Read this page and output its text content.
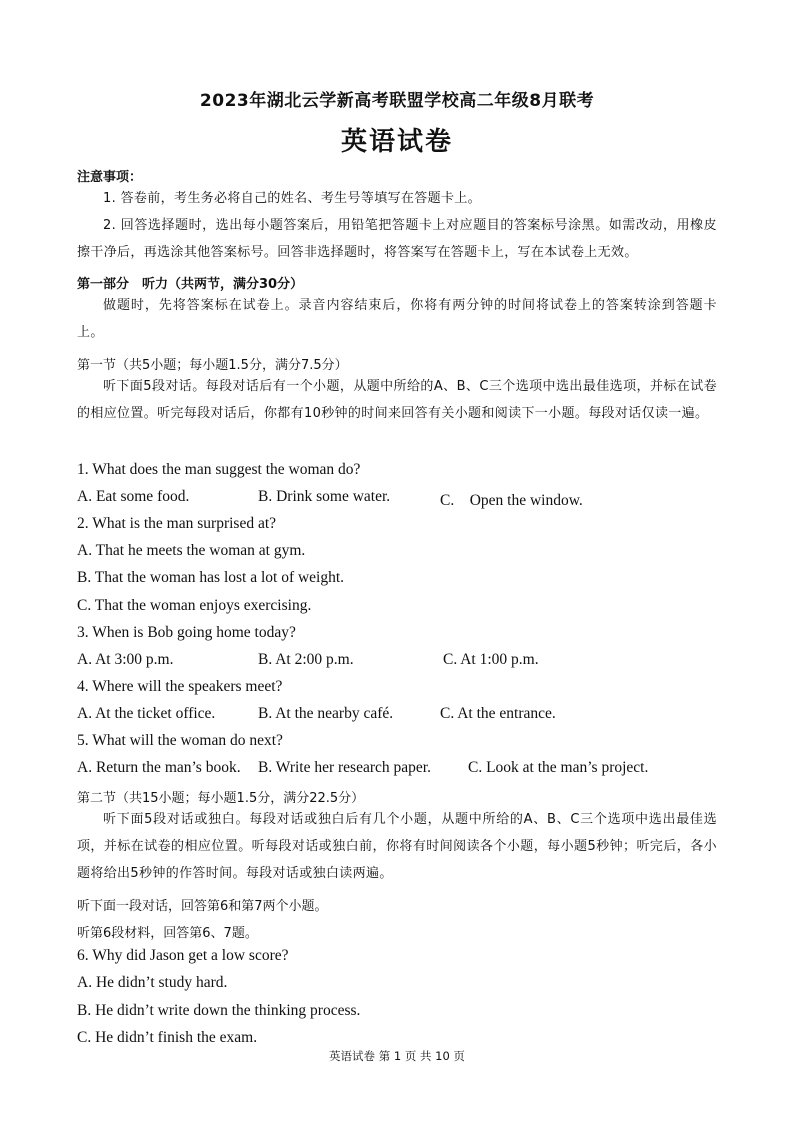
2023年湖北云学新高考联盟学校高二年级8月联考
英语试卷
注意事项：
1. 答卷前，考生务必将自己的姓名、考生号等填写在答题卡上。
2. 回答选择题时，选出每小题答案后，用铅笔把答题卡上对应题目的答案标号涂黑。如需改动，用橡皮擦干净后，再选涂其他答案标号。回答非选择题时，将答案写在答题卡上，写在本试卷上无效。
第一部分　听力（共两节，满分30分）
做题时，先将答案标在试卷上。录音内容结束后，你将有两分钟的时间将试卷上的答案转涂到答题卡上。
第一节（共5小题；每小题1.5分，满分7.5分）
听下面5段对话。每段对话后有一个小题，从题中所给的A、B、C三个选项中选出最佳选项，并标在试卷的相应位置。听完每段对话后，你都有10秒钟的时间来回答有关小题和阅读下一小题。每段对话仅读一遍。
1. What does the man suggest the woman do?
A. Eat some food.	B. Drink some water.	C.　Open the window.
2. What is the man surprised at?
A. That he meets the woman at gym.
B. That the woman has lost a lot of weight.
C. That the woman enjoys exercising.
3. When is Bob going home today?
A. At 3:00 p.m.	B. At 2:00 p.m.	C. At 1:00 p.m.
4. Where will the speakers meet?
A. At the ticket office.	B. At the nearby café.	C. At the entrance.
5. What will the woman do next?
A. Return the man’s book. B. Write her research paper. C. Look at the man’s project.
第二节（共15小题；每小题1.5分，满分22.5分）
听下面5段对话或独白。每段对话或独白后有几个小题，从题中所给的A、B、C三个选项中选出最佳选项，并标在试卷的相应位置。听每段对话或独白前，你将有时间阅读各个小题，每小题5秒钟；听完后，各小题将给出5秒钟的作答时间。每段对话或独白读两遍。
听下面一段对话，回答第6和第7两个小题。
听第6段材料，回答第6、7题。
6. Why did Jason get a low score?
A. He didn’t study hard.
B. He didn’t write down the thinking process.
C. He didn’t finish the exam.
英语试卷 第 1 页 共 10 页
